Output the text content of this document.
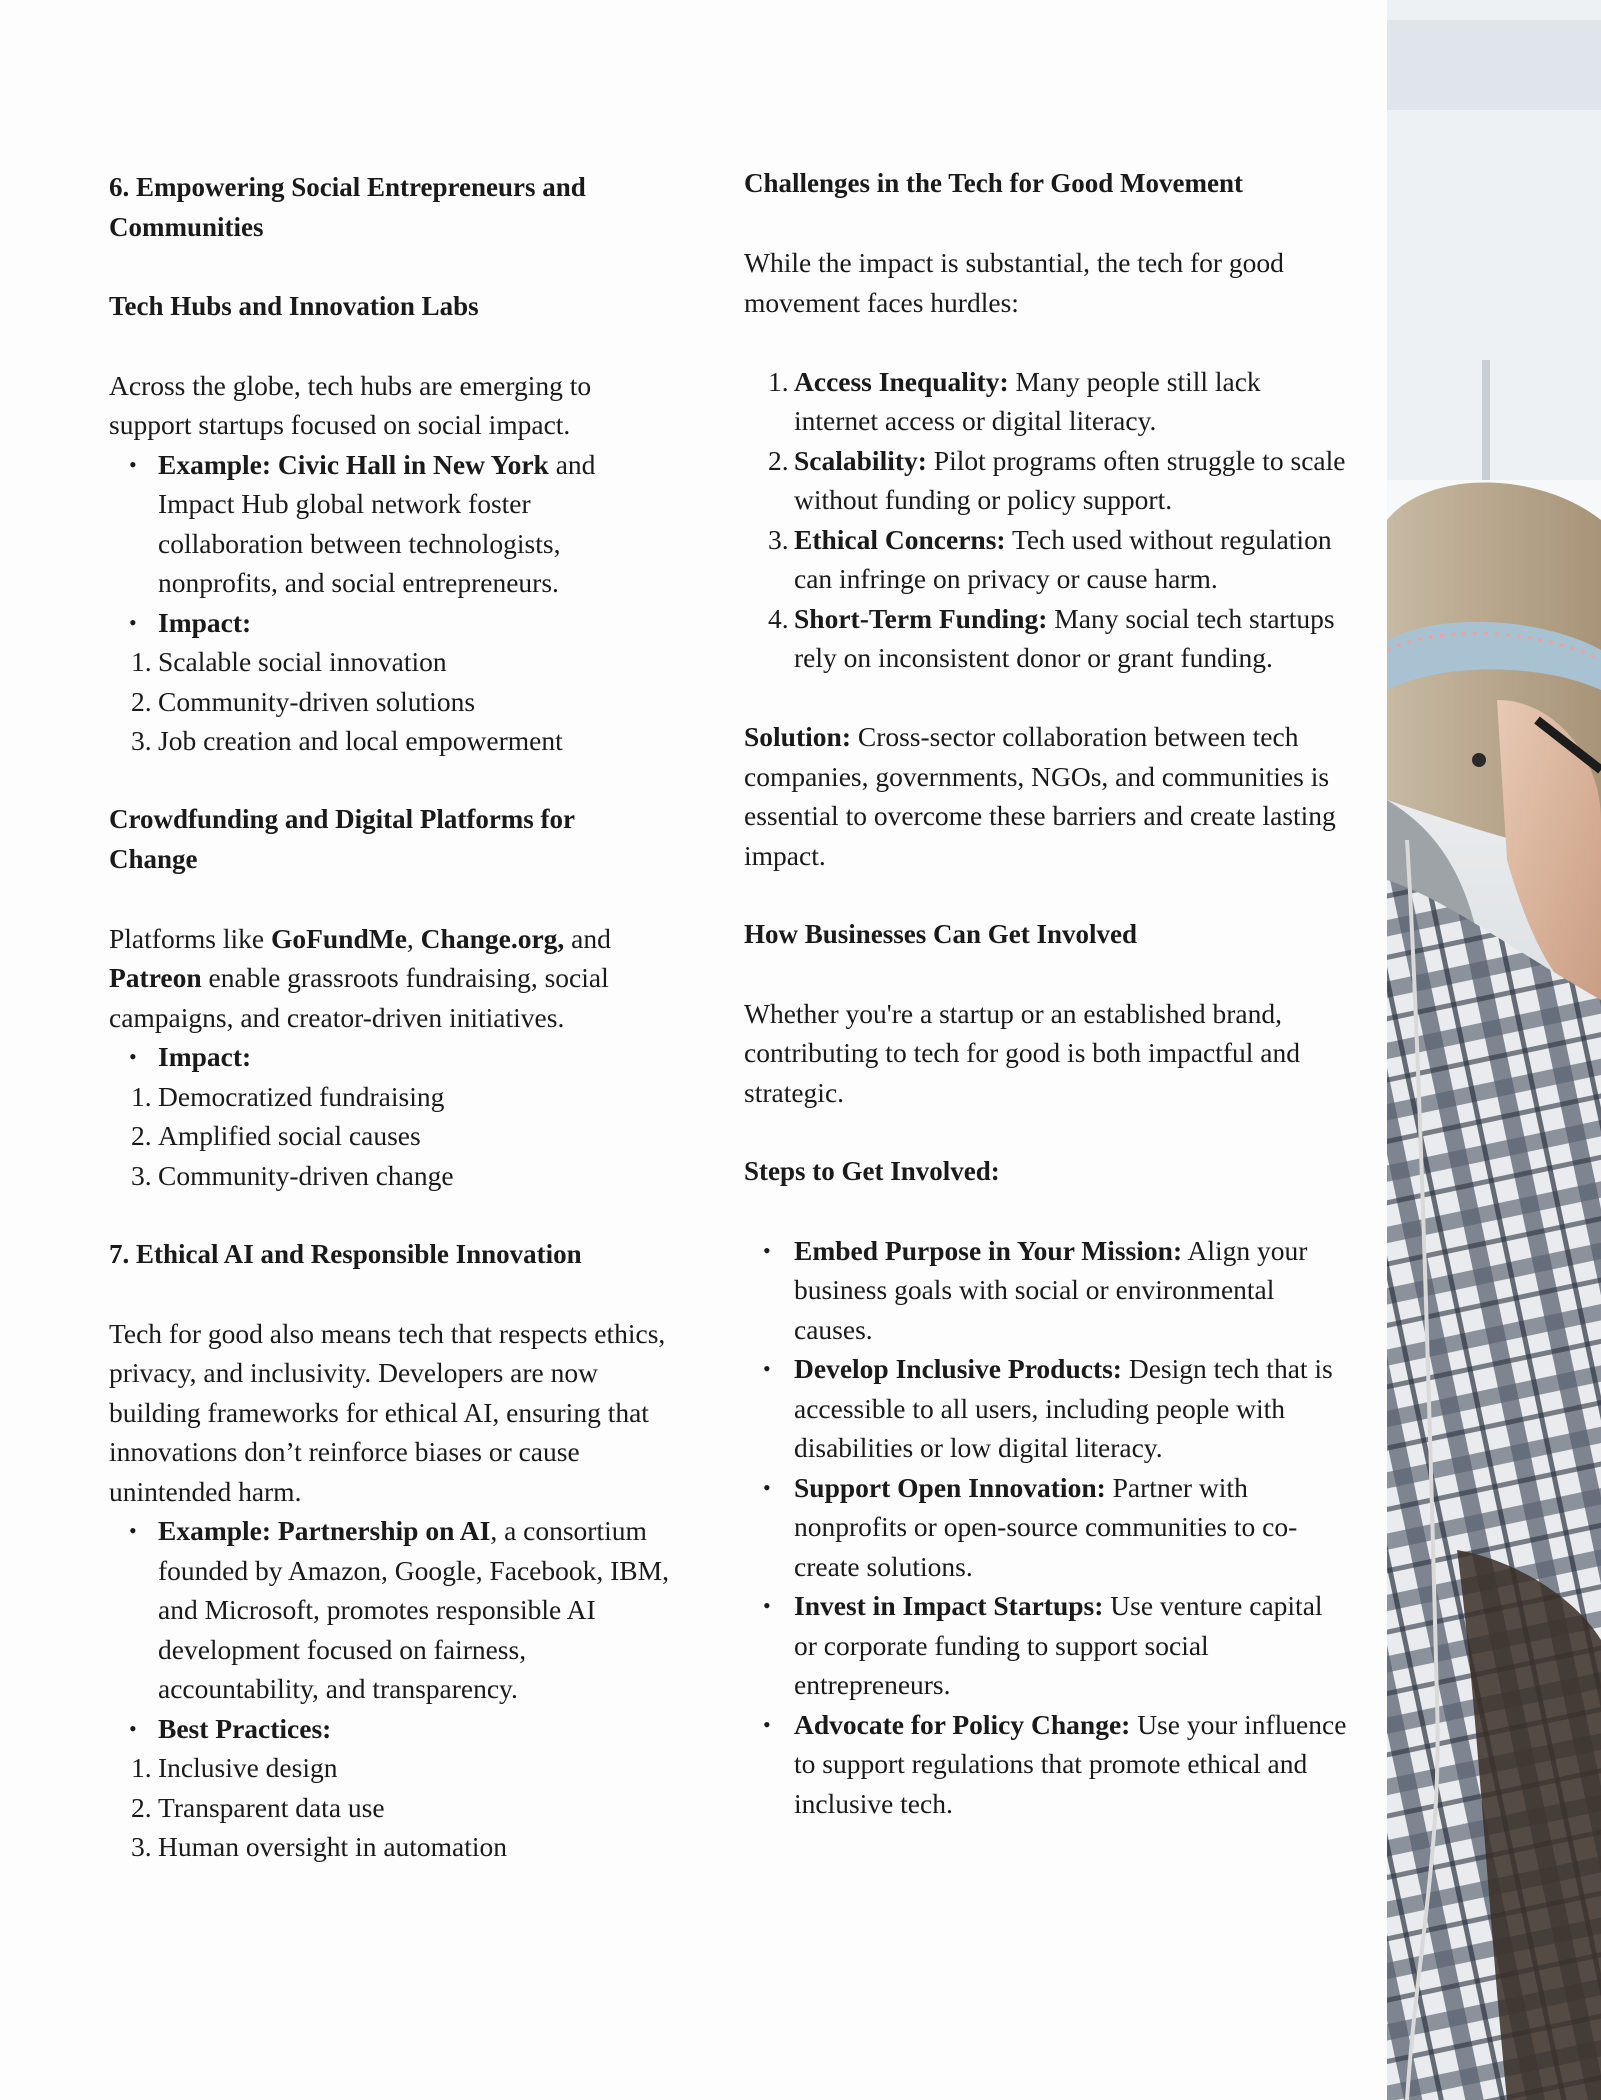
6. Empowering Social Entrepreneurs and Communities

Tech Hubs and Innovation Labs

Across the globe, tech hubs are emerging to support startups focused on social impact.

• Example: Civic Hall in New York and Impact Hub global network foster collaboration between technologists, nonprofits, and social entrepreneurs.
• Impact:
1. Scalable social innovation
2. Community-driven solutions
3. Job creation and local empowerment

Crowdfunding and Digital Platforms for Change

Platforms like GoFundMe, Change.org, and Patreon enable grassroots fundraising, social campaigns, and creator-driven initiatives.

• Impact:
1. Democratized fundraising
2. Amplified social causes
3. Community-driven change

7. Ethical AI and Responsible Innovation

Tech for good also means tech that respects ethics, privacy, and inclusivity. Developers are now building frameworks for ethical AI, ensuring that innovations don’t reinforce biases or cause unintended harm.

• Example: Partnership on AI, a consortium founded by Amazon, Google, Facebook, IBM, and Microsoft, promotes responsible AI development focused on fairness, accountability, and transparency.
• Best Practices:
1. Inclusive design
2. Transparent data use
3. Human oversight in automation

Challenges in the Tech for Good Movement

While the impact is substantial, the tech for good movement faces hurdles:

1. Access Inequality: Many people still lack internet access or digital literacy.
2. Scalability: Pilot programs often struggle to scale without funding or policy support.
3. Ethical Concerns: Tech used without regulation can infringe on privacy or cause harm.
4. Short-Term Funding: Many social tech startups rely on inconsistent donor or grant funding.

Solution: Cross-sector collaboration between tech companies, governments, NGOs, and communities is essential to overcome these barriers and create lasting impact.

How Businesses Can Get Involved

Whether you're a startup or an established brand, contributing to tech for good is both impactful and strategic.

Steps to Get Involved:

• Embed Purpose in Your Mission: Align your business goals with social or environmental causes.
• Develop Inclusive Products: Design tech that is accessible to all users, including people with disabilities or low digital literacy.
• Support Open Innovation: Partner with nonprofits or open-source communities to co-create solutions.
• Invest in Impact Startups: Use venture capital or corporate funding to support social entrepreneurs.
• Advocate for Policy Change: Use your influence to support regulations that promote ethical and inclusive tech.
